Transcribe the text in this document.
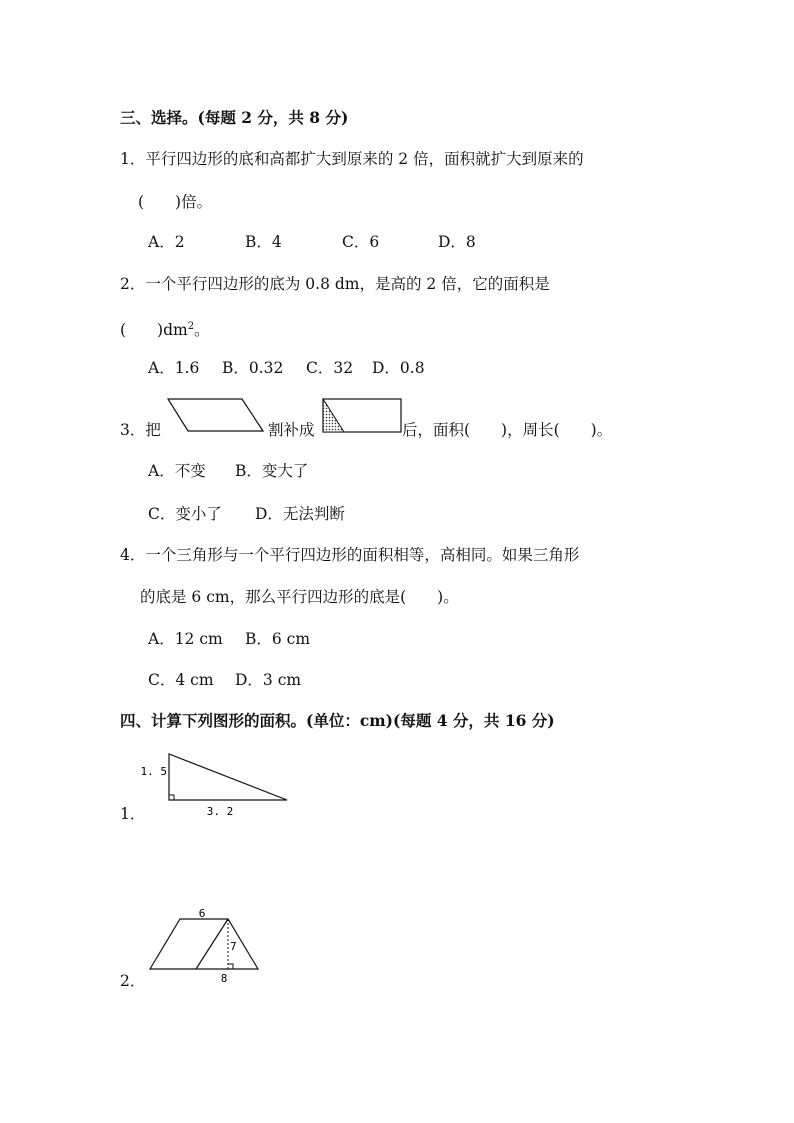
三、选择。(每题 2 分，共 8 分)
1．平行四边形的底和高都扩大到原来的 2 倍，面积就扩大到原来的
(　　)倍。
A．2	B．4	C．6	D．8
2．一个平行四边形的底为 0.8 dm，是高的 2 倍，它的面积是
(　　)$dm^2$。
A．1.6 B．0.32 C．32 D．0.8
3．把	割补成	后，面积(　　)，周长(　　)。
A．不变 B．变大了
C．变小了 D．无法判断
4．一个三角形与一个平行四边形的面积相等，高相同。如果三角形
的底是 6 cm，那么平行四边形的底是(　　)。
A．12 cm B．6 cm
C．4 cm D．3 cm
四、计算下列图形的面积。(单位：cm)(每题 4 分，共 16 分)
1．
1. 5
3. 2
2．
6
7
8
